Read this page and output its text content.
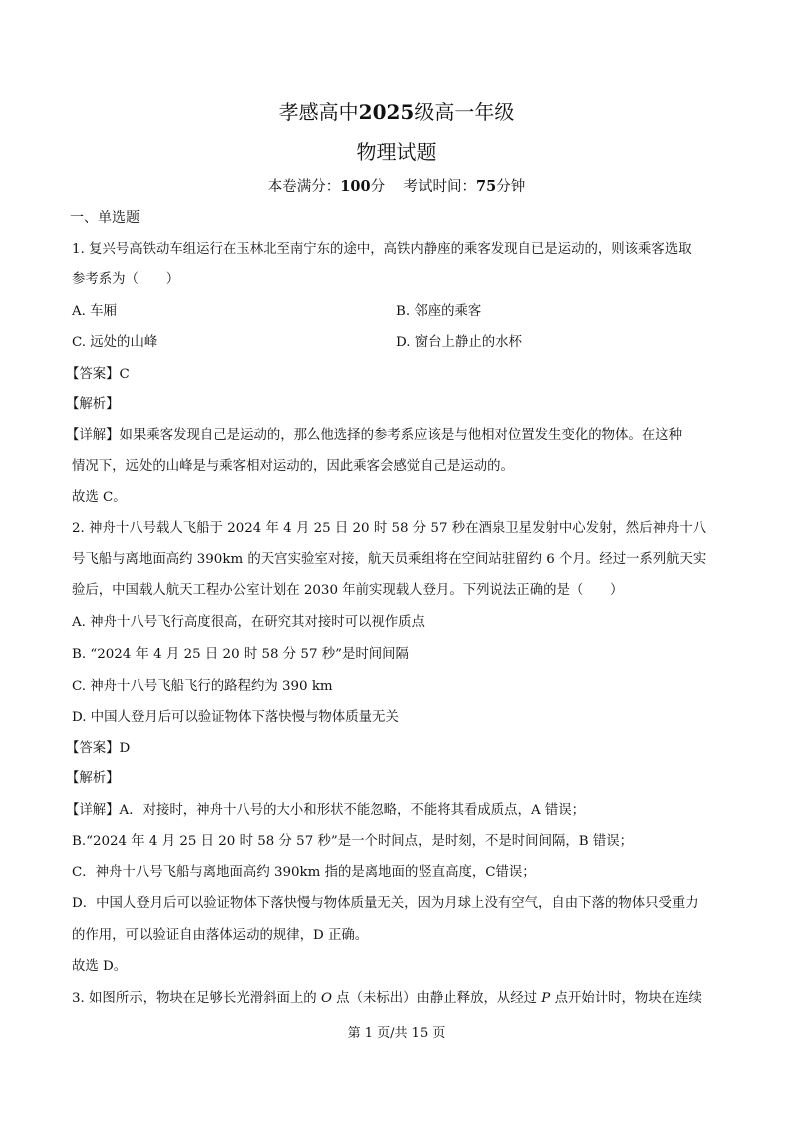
孝感高中2025级高一年级
物理试题
本卷满分：100分 考试时间：75分钟
一、单选题
1. 复兴号高铁动车组运行在玉林北至南宁东的途中，高铁内静座的乘客发现自已是运动的，则该乘客选取
参考系为（　　）
A. 车厢	B. 邻座的乘客
C. 远处的山峰	D. 窗台上静止的水杯
【答案】C
【解析】
【详解】如果乘客发现自己是运动的，那么他选择的参考系应该是与他相对位置发生变化的物体。在这种
情况下，远处的山峰是与乘客相对运动的，因此乘客会感觉自己是运动的。
故选 C。
2. 神舟十八号载人飞船于 2024 年 4 月 25 日 20 时 58 分 57 秒在酒泉卫星发射中心发射，然后神舟十八
号飞船与离地面高约 390km 的天宫实验室对接，航天员乘组将在空间站驻留约 6 个月。经过一系列航天实
验后，中国载人航天工程办公室计划在 2030 年前实现载人登月。下列说法正确的是（　　）
A. 神舟十八号飞行高度很高，在研究其对接时可以视作质点
B. “2024 年 4 月 25 日 20 时 58 分 57 秒”是时间间隔
C. 神舟十八号飞船飞行的路程约为 390 km
D. 中国人登月后可以验证物体下落快慢与物体质量无关
【答案】D
【解析】
【详解】A．对接时，神舟十八号的大小和形状不能忽略，不能将其看成质点，A 错误；
B.“2024 年 4 月 25 日 20 时 58 分 57 秒”是一个时间点，是时刻，不是时间间隔，B 错误；
C．神舟十八号飞船与离地面高约 390km 指的是离地面的竖直高度，C错误；
D．中国人登月后可以验证物体下落快慢与物体质量无关，因为月球上没有空气，自由下落的物体只受重力
的作用，可以验证自由落体运动的规律，D 正确。
故选 D。
3. 如图所示，物块在足够长光滑斜面上的 O 点（未标出）由静止释放，从经过 P 点开始计时，物块在连续
第 1 页/共 15 页
